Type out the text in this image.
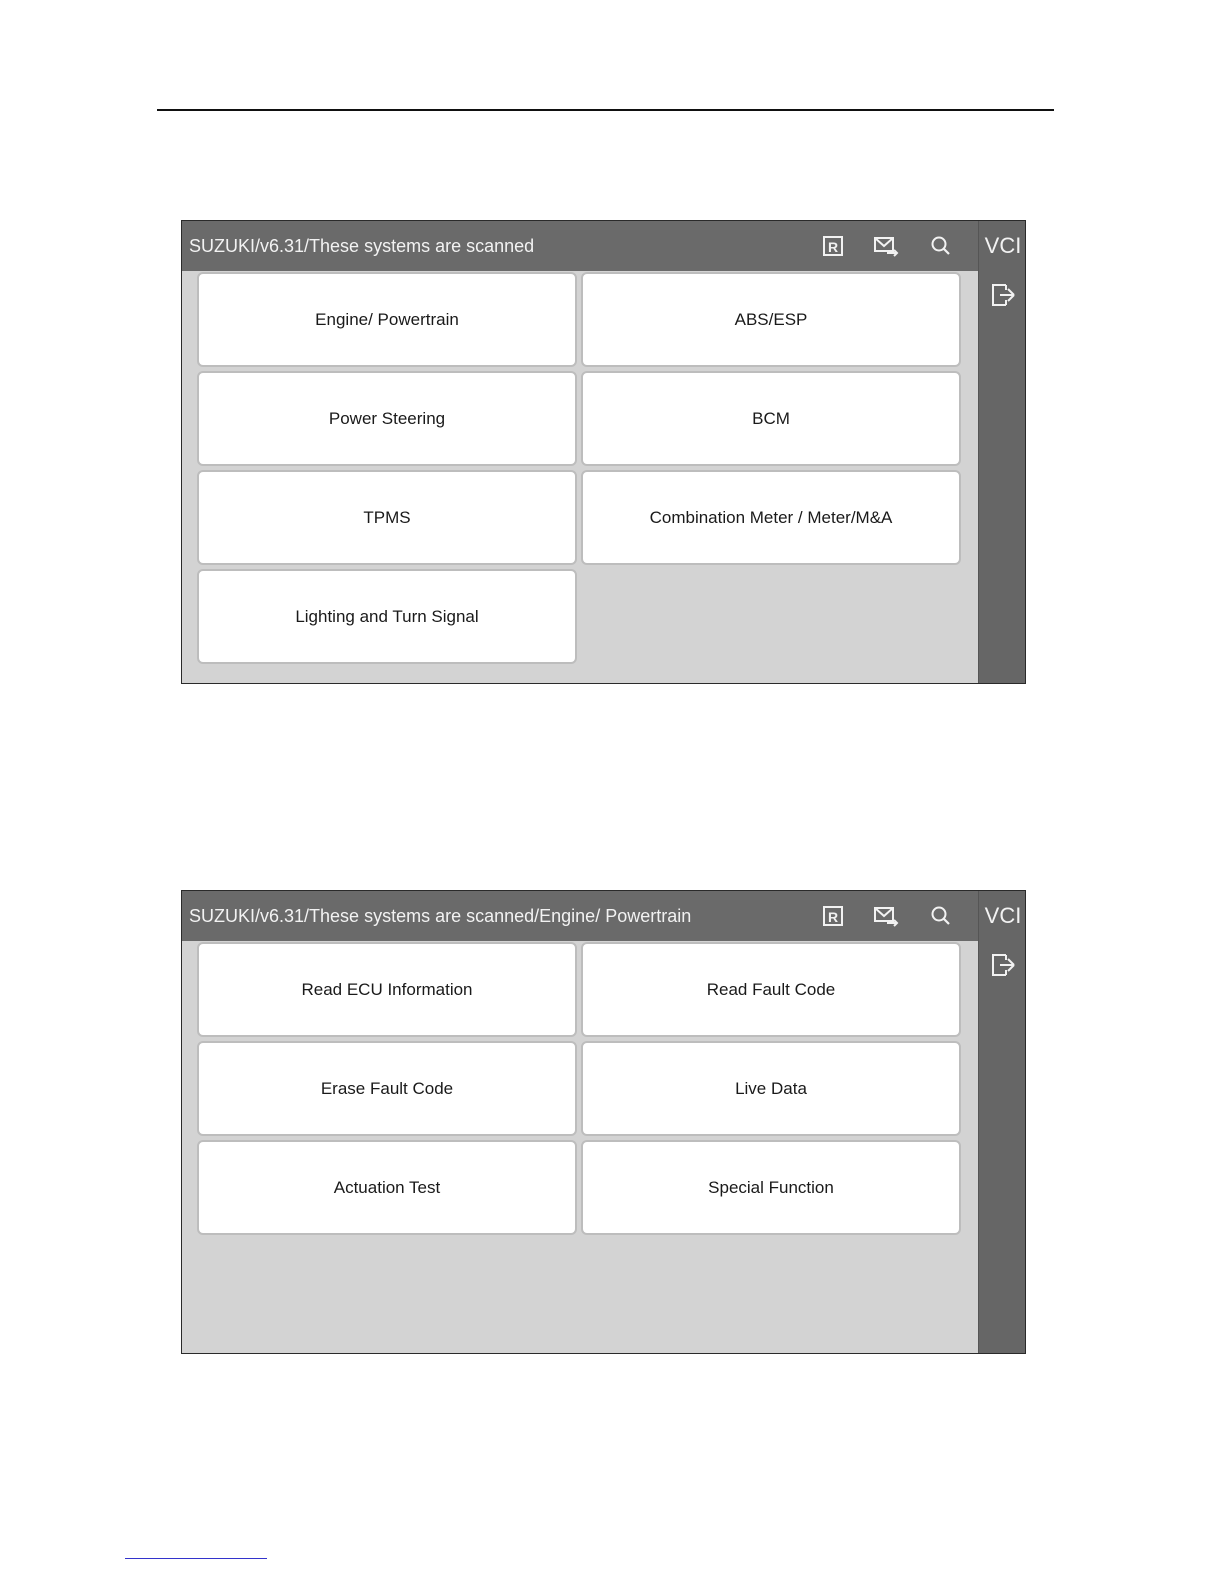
SUZUKI/v6.31/These systems are scanned	R
Engine/ Powertrain	ABS/ESP
Power Steering	BCM
TPMS	Combination Meter / Meter/M&A
Lighting and Turn Signal
VCI
SUZUKI/v6.31/These systems are scanned/Engine/ Powertrain	R
Read ECU Information	Read Fault Code
Erase Fault Code	Live Data
Actuation Test	Special Function
VCI
